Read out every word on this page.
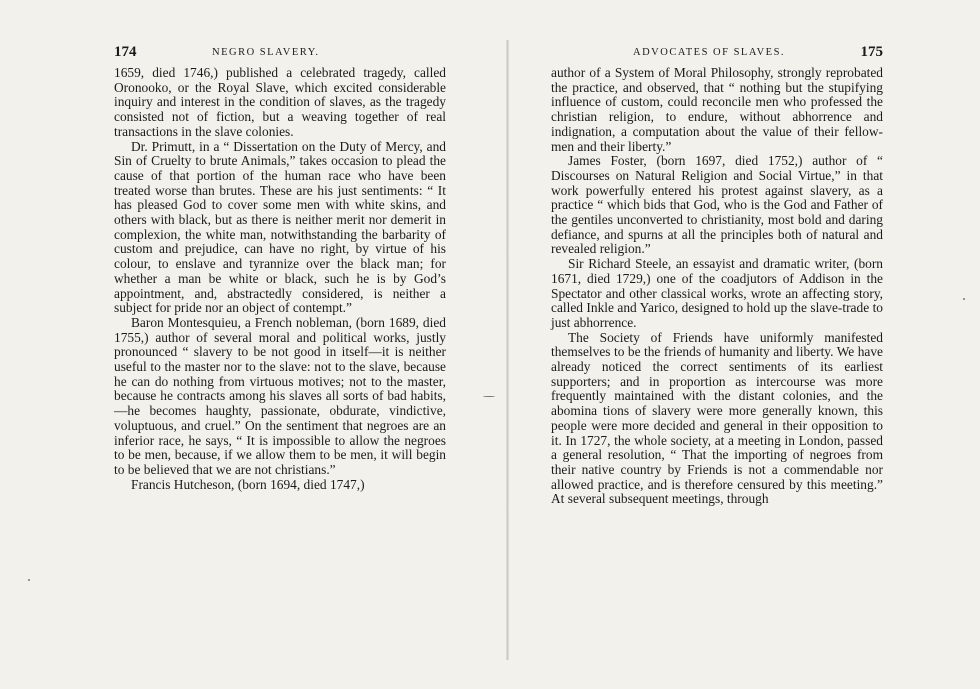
174	NEGRO SLAVERY.

1659, died 1746,) published a celebrated tragedy, called Oronooko, or the Royal Slave, which excited considerable inquiry and interest in the condition of slaves, as the tragedy consisted not of fiction, but a weaving together of real transactions in the slave colonies.

Dr. Primutt, in a “ Dissertation on the Duty of Mercy, and Sin of Cruelty to brute Animals,” takes occasion to plead the cause of that portion of the human race who have been treated worse than brutes. These are his just sentiments: “ It has pleased God to cover some men with white skins, and others with black, but as there is neither merit nor demerit in complexion, the white man, notwithstanding the barbarity of custom and prejudice, can have no right, by virtue of his colour, to enslave and tyrannize over the black man; for whether a man be white or black, such he is by God’s appointment, and, abstractedly considered, is neither a subject for pride nor an object of contempt.”

Baron Montesquieu, a French nobleman, (born 1689, died 1755,) author of several moral and political works, justly pronounced “ slavery to be not good in itself—it is neither useful to the master nor to the slave: not to the slave, because he can do nothing from virtuous motives; not to the master, because he contracts among his slaves all sorts of bad habits,—he becomes haughty, passionate, obdurate, vindictive, voluptuous, and cruel.” On the sentiment that negroes are an inferior race, he says, “ It is impossible to allow the negroes to be men, because, if we allow them to be men, it will begin to be believed that we are not christians.”

Francis Hutcheson, (born 1694, died 1747,)

ADVOCATES OF SLAVES.	175

author of a System of Moral Philosophy, strongly reprobated the practice, and observed, that “ nothing but the stupifying influence of custom, could reconcile men who professed the christian religion, to endure, without abhorrence and indignation, a computation about the value of their fellow-men and their liberty.”

James Foster, (born 1697, died 1752,) author of “ Discourses on Natural Religion and Social Virtue,” in that work powerfully entered his protest against slavery, as a practice “ which bids that God, who is the God and Father of the gentiles unconverted to christianity, most bold and daring defiance, and spurns at all the principles both of natural and revealed religion.”

Sir Richard Steele, an essayist and dramatic writer, (born 1671, died 1729,) one of the coadjutors of Addison in the Spectator and other classical works, wrote an affecting story, called Inkle and Yarico, designed to hold up the slave-trade to just abhorrence.

The Society of Friends have uniformly manifested themselves to be the friends of humanity and liberty. We have already noticed the correct sentiments of its earliest supporters; and in proportion as intercourse was more frequently maintained with the distant colonies, and the abomina tions of slavery were more generally known, this people were more decided and general in their opposition to it. In 1727, the whole society, at a meeting in London, passed a general resolution, “ That the importing of negroes from their native country by Friends is not a commendable nor allowed practice, and is therefore censured by this meeting.” At several subsequent meetings, through
